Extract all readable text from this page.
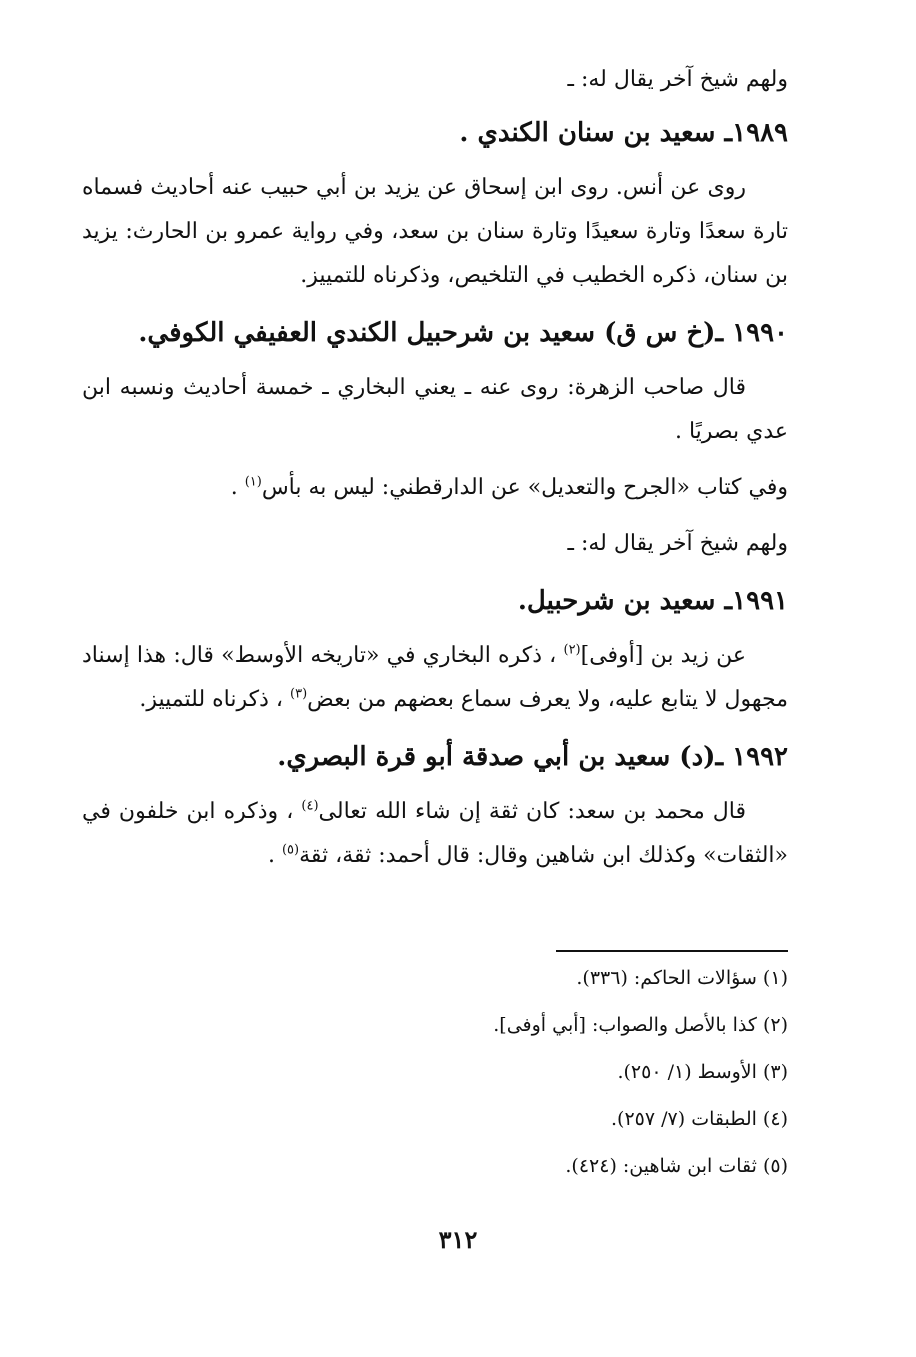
ولهم شيخ آخر يقال له: ـ
١٩٨٩ـ سعيد بن سنان الكندي .

روى عن أنس. روى ابن إسحاق عن يزيد بن أبي حبيب عنه أحاديث فسماه تارة سعدًا وتارة سعيدًا وتارة سنان بن سعد، وفي رواية عمرو بن الحارث: يزيد بن سنان، ذكره الخطيب في التلخيص، وذكرناه للتمييز.

١٩٩٠ ـ(خ س ق) سعيد بن شرحبيل الكندي العفيفي الكوفي.

قال صاحب الزهرة: روى عنه ـ يعني البخاري ـ خمسة أحاديث ونسبه ابن عدي بصريًا .

وفي كتاب «الجرح والتعديل» عن الدارقطني: ليس به بأس$^{(١)}$ .

ولهم شيخ آخر يقال له: ـ
١٩٩١ـ سعيد بن شرحبيل.

عن زيد بن [أوفى]$^{(٢)}$ ، ذكره البخاري في «تاريخه الأوسط» قال: هذا إسناد مجهول لا يتابع عليه، ولا يعرف سماع بعضهم من بعض$^{(٣)}$ ، ذكرناه للتمييز.

١٩٩٢ ـ(د) سعيد بن أبي صدقة أبو قرة البصري.

قال محمد بن سعد: كان ثقة إن شاء الله تعالى$^{(٤)}$ ، وذكره ابن خلفون في «الثقات» وكذلك ابن شاهين وقال: قال أحمد: ثقة، ثقة$^{(٥)}$ .

(١) سؤالات الحاكم: (٣٣٦).
(٢) كذا بالأصل والصواب: [أبي أوفى].
(٣) الأوسط (١/ ٢٥٠).
(٤) الطبقات (٧/ ٢٥٧).
(٥) ثقات ابن شاهين: (٤٢٤).
٣١٢
